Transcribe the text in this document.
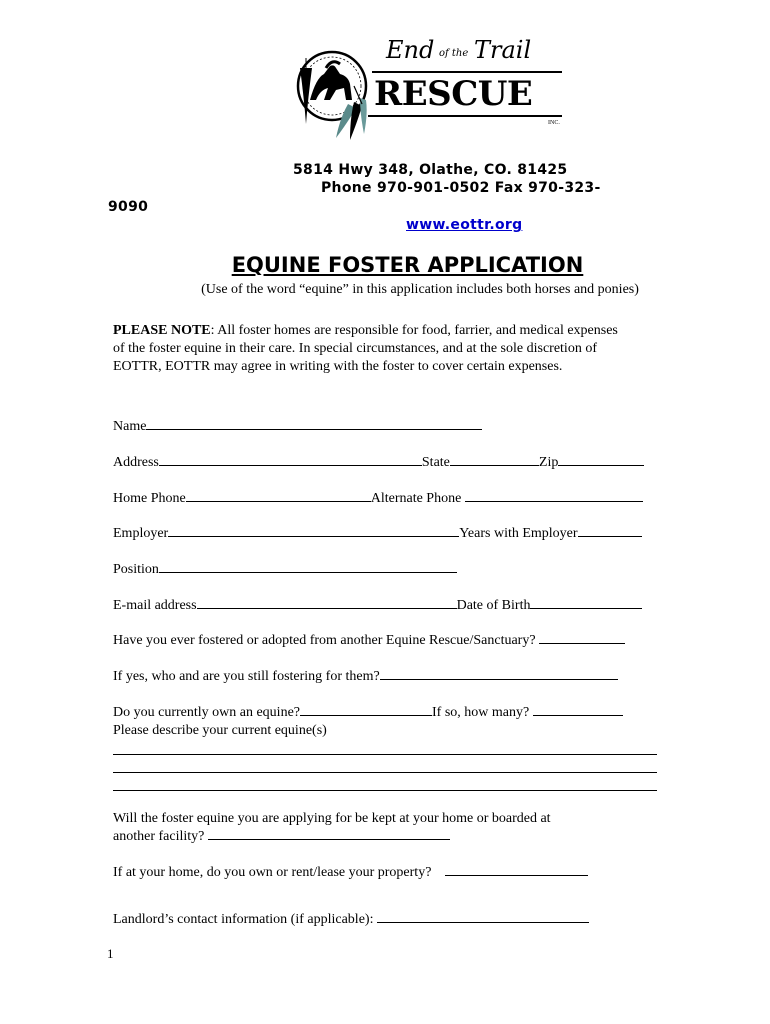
End of the Trail
RESCUE
INC.
5814 Hwy 348, Olathe, CO. 81425
Phone 970-901-0502 Fax 970-323-
9090
www.eottr.org
EQUINE FOSTER APPLICATION
(Use of the word “equine” in this application includes both horses and ponies)
PLEASE NOTE: All foster homes are responsible for food, farrier, and medical expenses of the foster equine in their care. In special circumstances, and at the sole discretion of EOTTR, EOTTR may agree in writing with the foster to cover certain expenses.
Name
Address	State	Zip
Home Phone	Alternate Phone
Employer	Years with Employer
Position
E-mail address	Date of Birth
Have you ever fostered or adopted from another Equine Rescue/Sanctuary?
If yes, who and are you still fostering for them?
Do you currently own an equine?	If so, how many?
Please describe your current equine(s)
Will the foster equine you are applying for be kept at your home or boarded at
another facility?
If at your home, do you own or rent/lease your property?
Landlord’s contact information (if applicable):
1
